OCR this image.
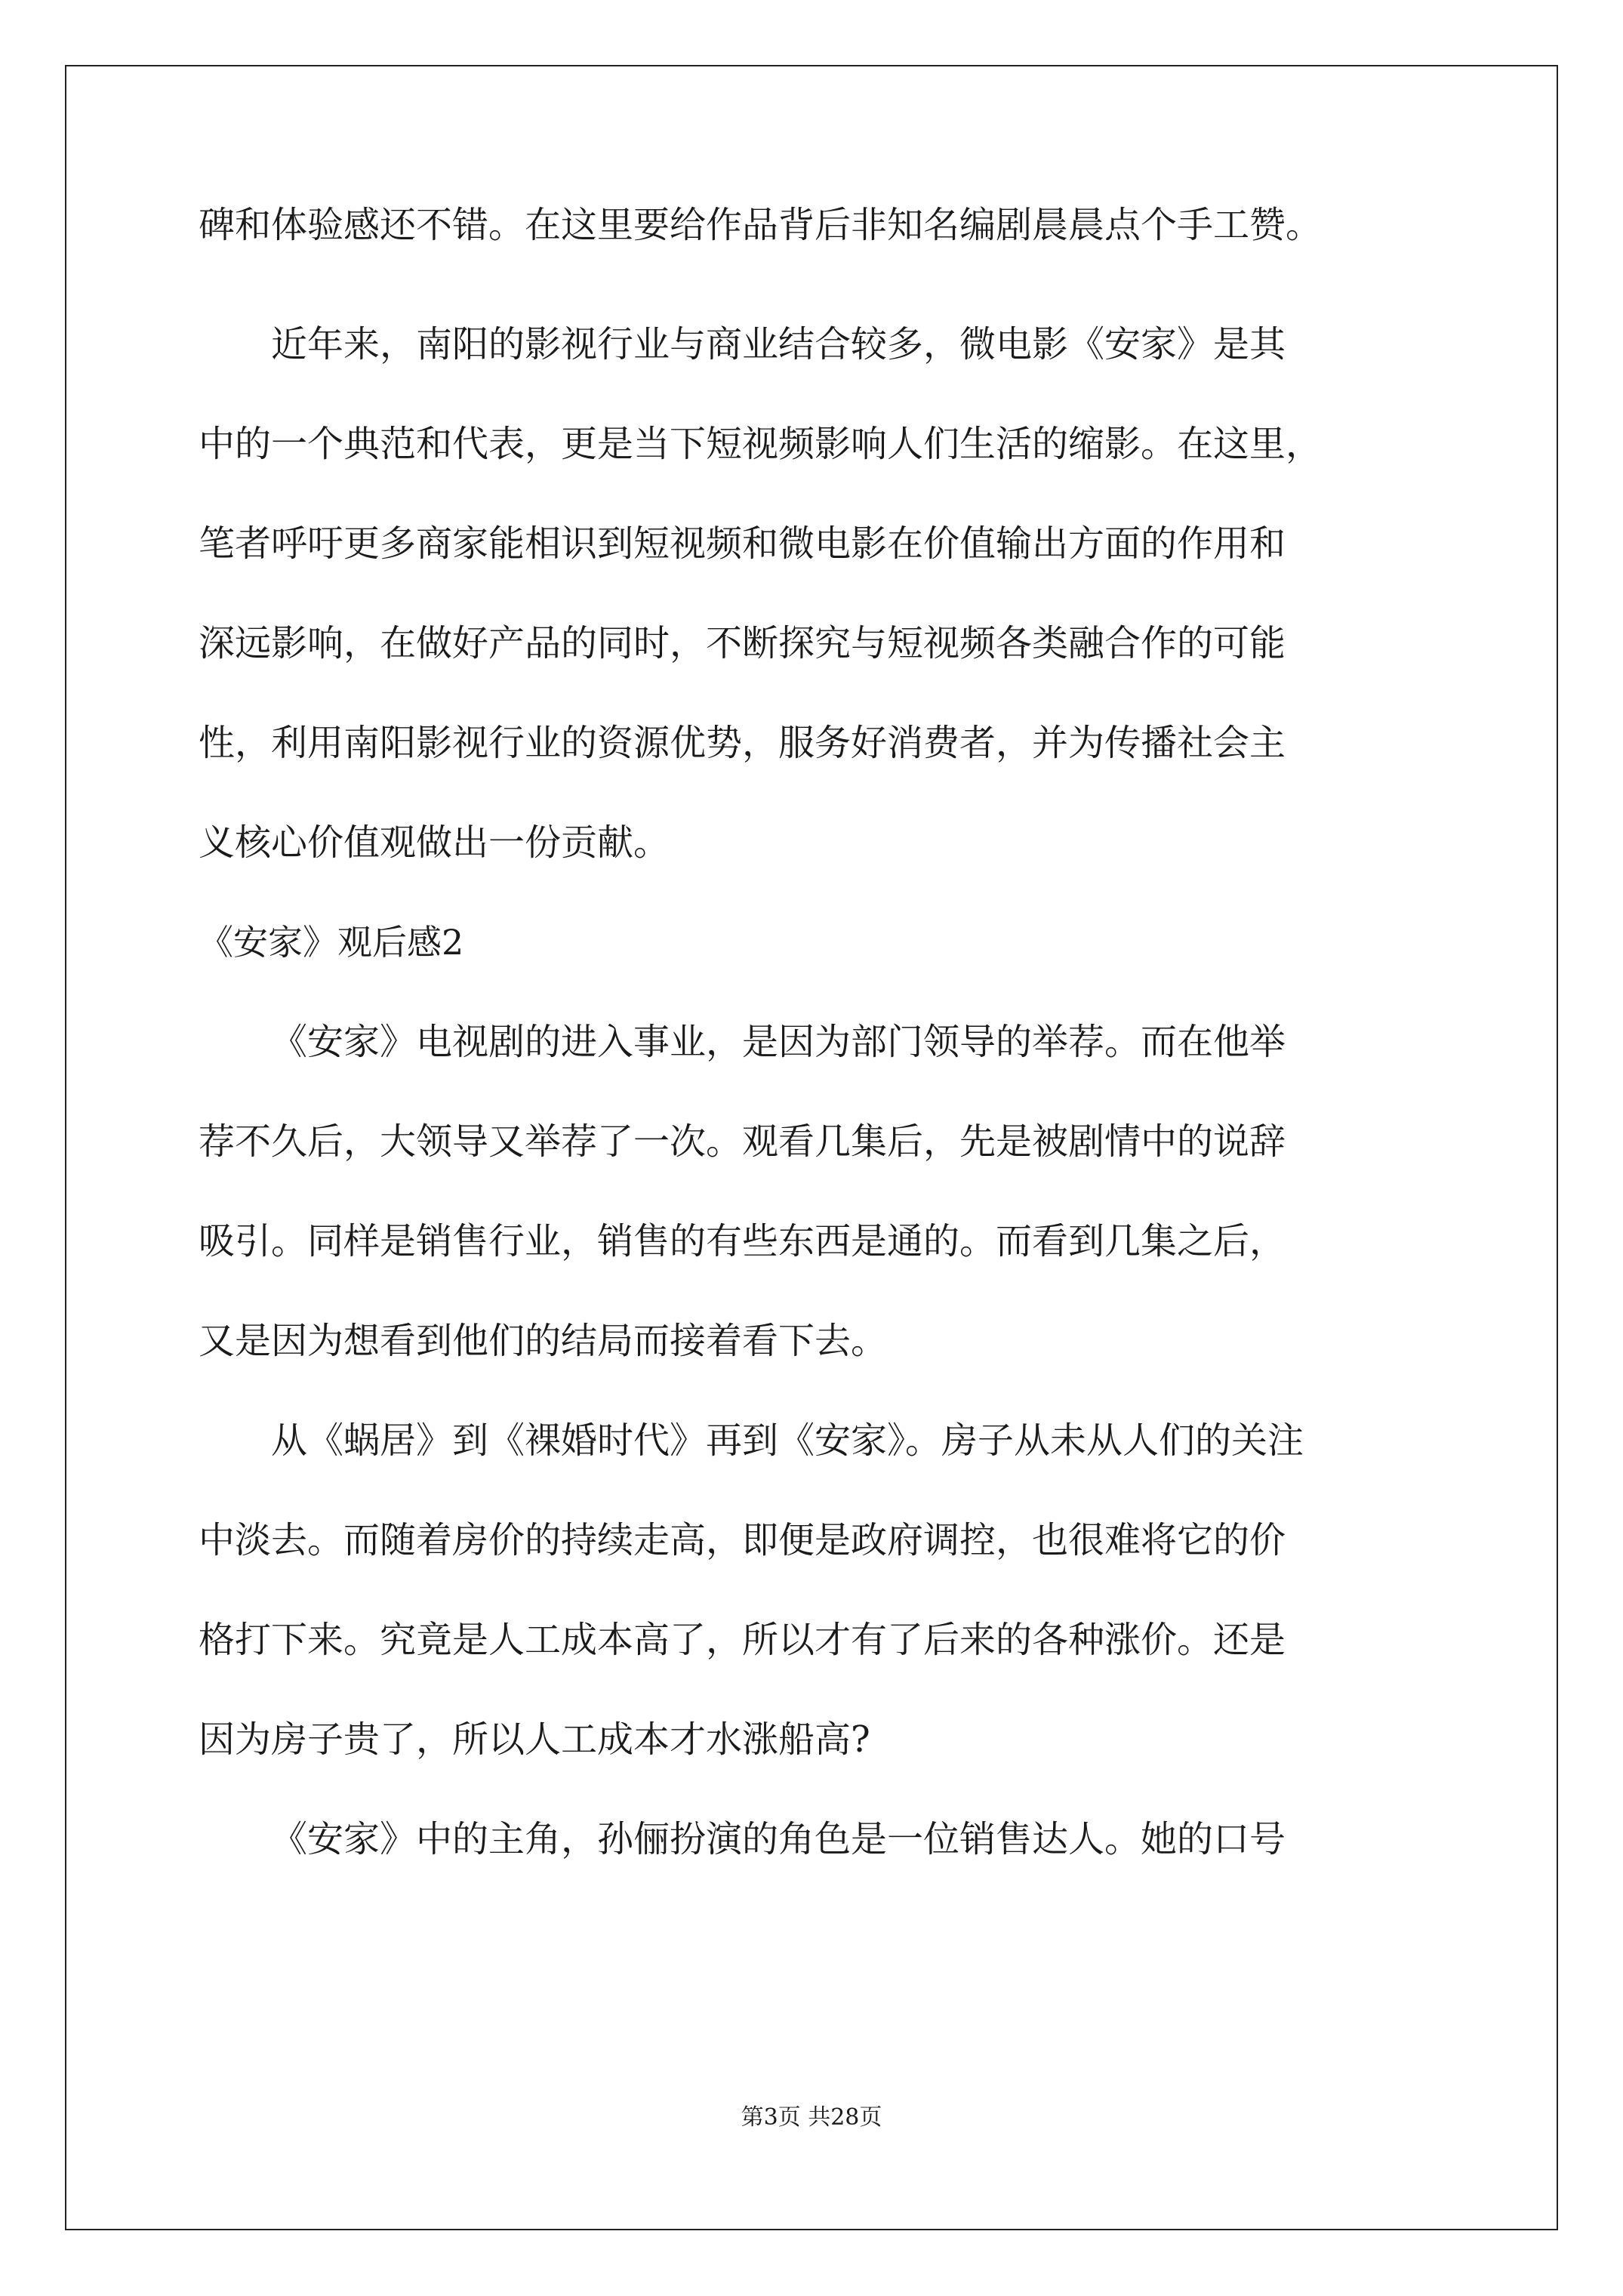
碑和体验感还不错。在这里要给作品背后非知名编剧晨晨点个手工赞。
近年来，南阳的影视行业与商业结合较多，微电影《安家》是其
中的一个典范和代表，更是当下短视频影响人们生活的缩影。在这里，
笔者呼吁更多商家能相识到短视频和微电影在价值输出方面的作用和
深远影响，在做好产品的同时，不断探究与短视频各类融合作的可能
性，利用南阳影视行业的资源优势，服务好消费者，并为传播社会主
义核心价值观做出一份贡献。
《安家》观后感2
《安家》电视剧的进入事业，是因为部门领导的举荐。而在他举
荐不久后，大领导又举荐了一次。观看几集后，先是被剧情中的说辞
吸引。同样是销售行业，销售的有些东西是通的。而看到几集之后，
又是因为想看到他们的结局而接着看下去。
从《蜗居》到《裸婚时代》再到《安家》。房子从未从人们的关注
中淡去。而随着房价的持续走高，即便是政府调控，也很难将它的价
格打下来。究竟是人工成本高了，所以才有了后来的各种涨价。还是
因为房子贵了，所以人工成本才水涨船高?
《安家》中的主角，孙俪扮演的角色是一位销售达人。她的口号
第3页 共28页
